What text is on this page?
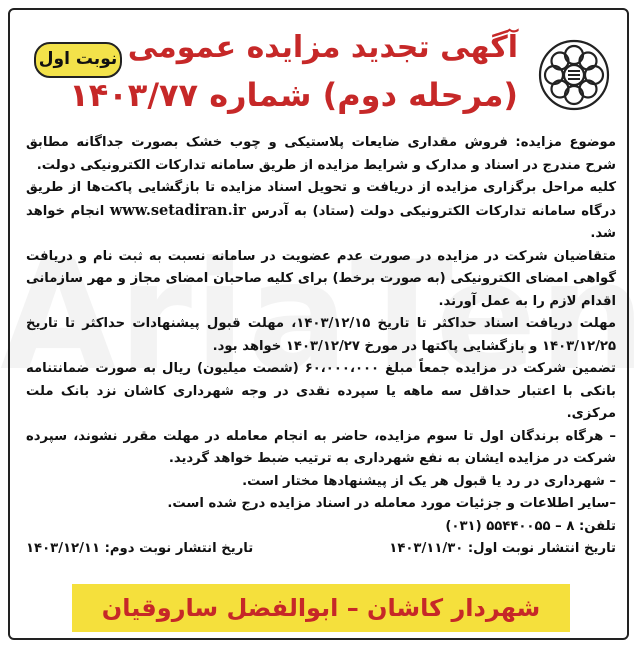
نوبت اول آگهی تجدید مزایده عمومی
(مرحله دوم) شماره ۱۴۰۳/۷۷

موضوع مزایده: فروش مقداری ضایعات پلاستیکی و چوب خشک بصورت جداگانه مطابق شرح مندرج در اسناد و مدارک و شرایط مزایده از طریق سامانه تدارکات الکترونیکی دولت.

کلیه مراحل برگزاری مزایده از دریافت و تحویل اسناد مزایده تا بازگشایی پاکت‌ها از طریق درگاه سامانه تدارکات الکترونیکی دولت (ستاد) به آدرس www.setadiran.ir انجام خواهد شد.

متقاضیان شرکت در مزایده در صورت عدم عضویت در سامانه نسبت به ثبت نام و دریافت گواهی امضای الکترونیکی (به صورت برخط) برای کلیه صاحبان امضای مجاز و مهر سازمانی اقدام لازم را به عمل آورند.

مهلت دریافت اسناد حداکثر تا تاریخ ۱۴۰۳/۱۲/۱۵، مهلت قبول پیشنهادات حداکثر تا تاریخ ۱۴۰۳/۱۲/۲۵ و بازگشایی پاکتها در مورخ ۱۴۰۳/۱۲/۲۷ خواهد بود.

تضمین شرکت در مزایده جمعاً مبلغ ۶۰،۰۰۰،۰۰۰ (شصت میلیون) ریال به صورت ضمانتنامه بانکی با اعتبار حداقل سه ماهه یا سپرده نقدی در وجه شهرداری کاشان نزد بانک ملت مرکزی.

– هرگاه برندگان اول تا سوم مزایده، حاضر به انجام معامله در مهلت مقرر نشوند، سپرده شرکت در مزایده ایشان به نفع شهرداری به ترتیب ضبط خواهد گردید.

– شهرداری در رد یا قبول هر یک از پیشنهادها مختار است.

–سایر اطلاعات و جزئیات مورد معامله در اسناد مزایده درج شده است.

تلفن: ۸ – ۵۵۴۴۰۰۵۵ (۰۳۱)

تاریخ انتشار نوبت اول: ۱۴۰۳/۱۱/۳۰
تاریخ انتشار نوبت دوم: ۱۴۰۳/۱۲/۱۱
شهردار کاشان – ابوالفضل ساروقیان
